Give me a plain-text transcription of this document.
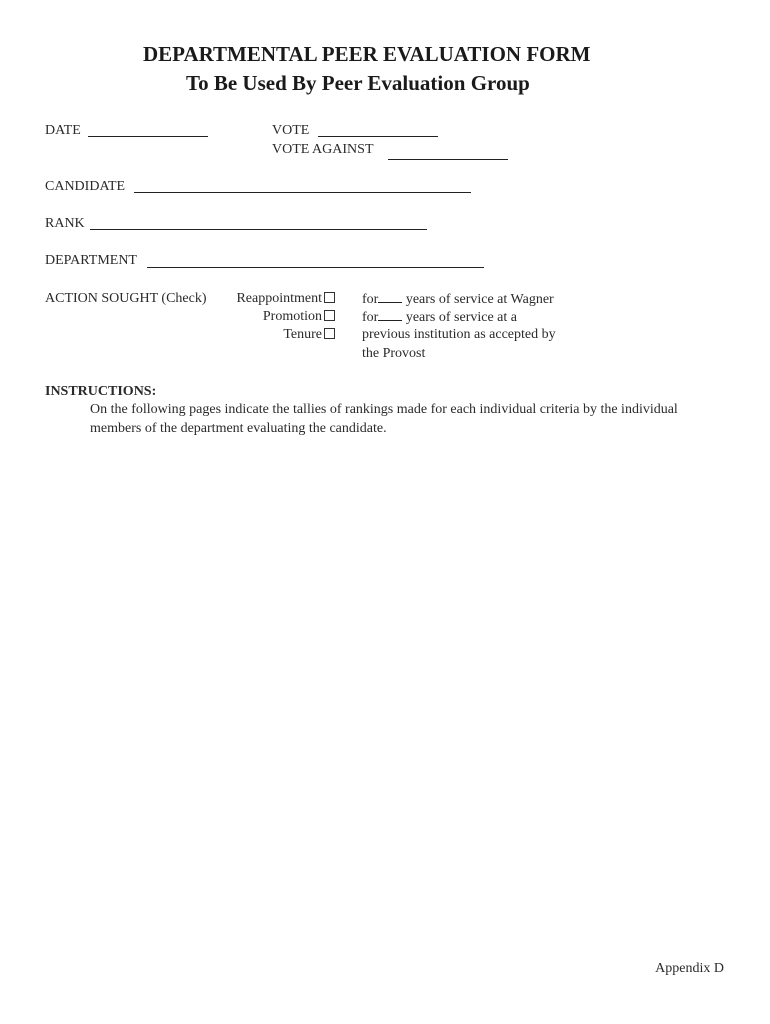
DEPARTMENTAL PEER EVALUATION FORM
To Be Used By Peer Evaluation Group
DATE	VOTE
VOTE AGAINST
CANDIDATE
RANK
DEPARTMENT
ACTION SOUGHT (Check) Reappointment
Promotion
Tenure
for years of service at Wagner
for years of service at a
previous institution as accepted by
the Provost
INSTRUCTIONS:
On the following pages indicate the tallies of rankings made for each individual criteria by the individual
members of the department evaluating the candidate.
Appendix D
